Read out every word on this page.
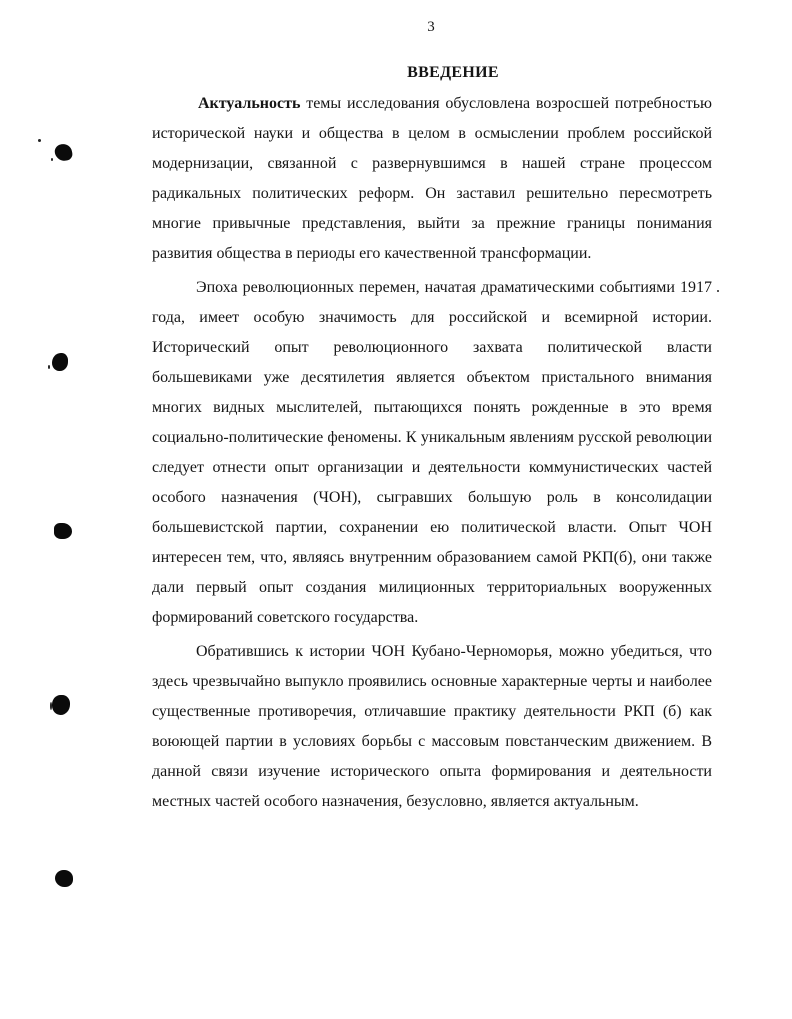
3
ВВЕДЕНИЕ

Актуальность темы исследования обусловлена возросшей потребностью исторической науки и общества в целом в осмыслении проблем российской модернизации, связанной с развернувшимся в нашей стране процессом радикальных политических реформ. Он заставил решительно пересмотреть многие привычные представления, выйти за прежние границы понимания развития общества в периоды его качественной трансформации.

Эпоха революционных перемен, начатая драматическими событиями 1917 года, имеет особую значимость для российской и всемирной истории. Исторический опыт революционного захвата политической власти большевиками уже десятилетия является объектом пристального внимания многих видных мыслителей, пытающихся понять рожденные в это время социально-политические феномены. К уникальным явлениям русской революции следует отнести опыт организации и деятельности коммунистических частей особого назначения (ЧОН), сыгравших большую роль в консолидации большевистской партии, сохранении ею политической власти. Опыт ЧОН интересен тем, что, являясь внутренним образованием самой РКП(б), они также дали первый опыт создания милиционных территориальных вооруженных формирований советского государства.

Обратившись к истории ЧОН Кубано-Черноморья, можно убедиться, что здесь чрезвычайно выпукло проявились основные характерные черты и наиболее существенные противоречия, отличавшие практику деятельности РКП (б) как воюющей партии в условиях борьбы с массовым повстанческим движением. В данной связи изучение исторического опыта формирования и деятельности местных частей особого назначения, безусловно, является актуальным.
